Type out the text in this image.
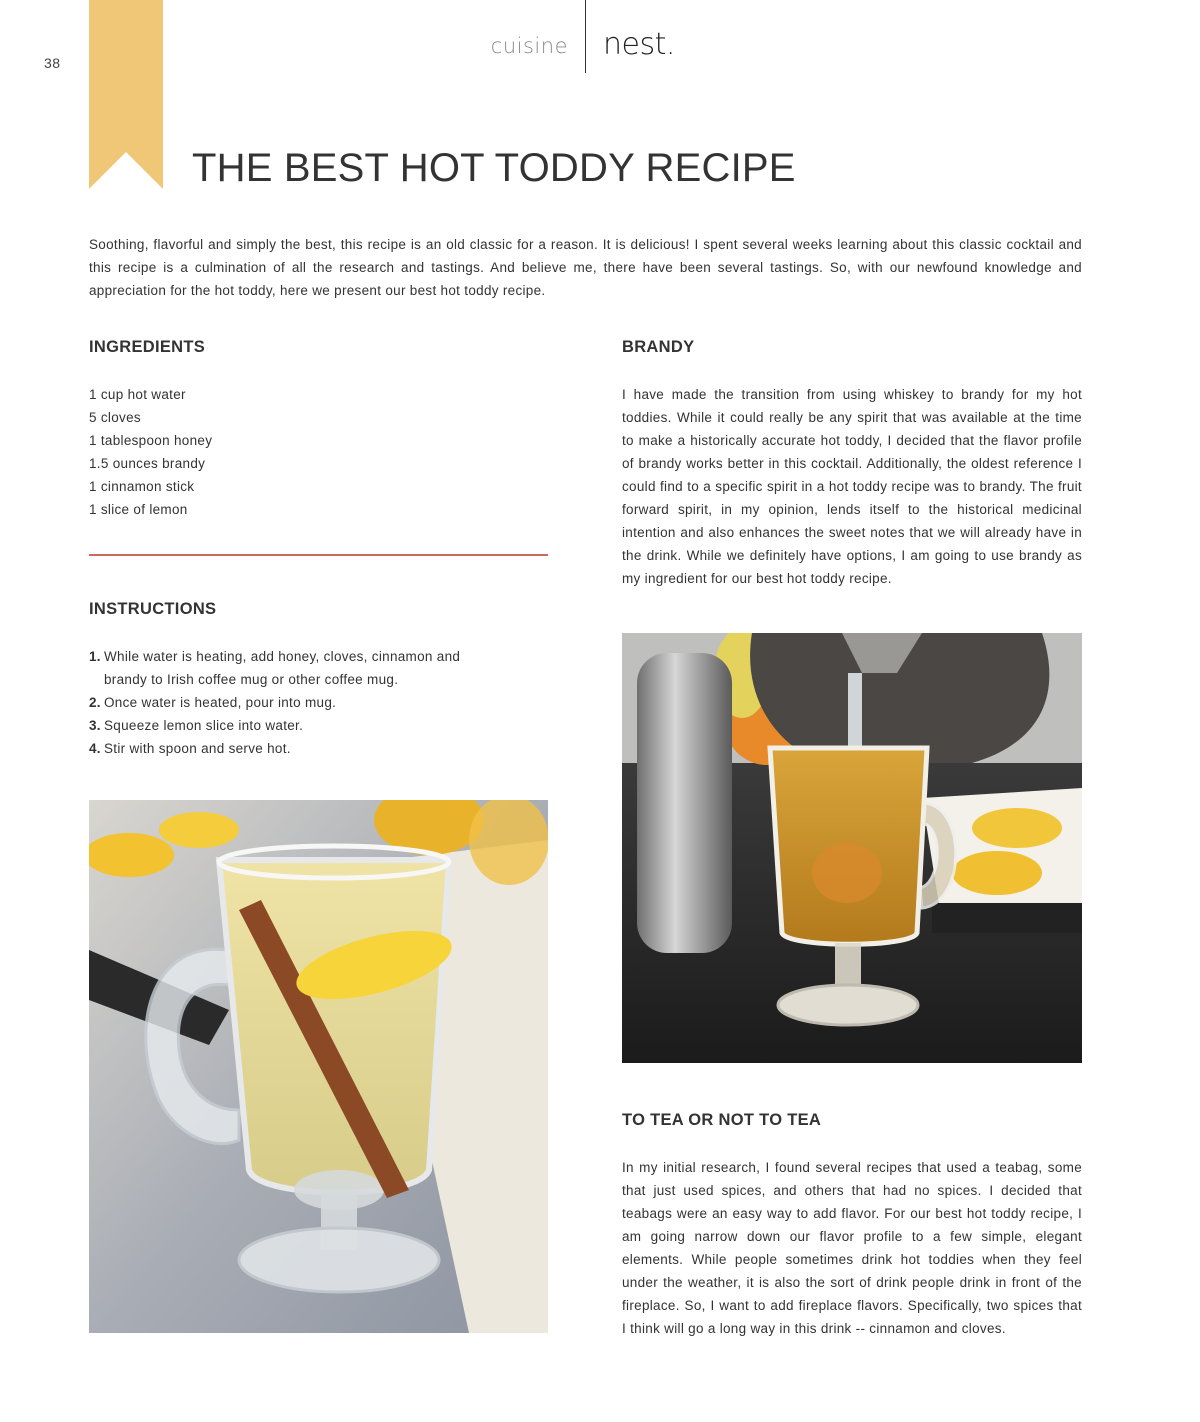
38
cuisine nest.
THE BEST HOT TODDY RECIPE

Soothing, flavorful and simply the best, this recipe is an old classic for a reason. It is delicious! I spent several weeks learning about this classic cocktail and this recipe is a culmination of all the research and tastings. And believe me, there have been several tastings. So, with our newfound knowledge and appreciation for the hot toddy, here we present our best hot toddy recipe.

INGREDIENTS
1 cup hot water
5 cloves
1 tablespoon honey
1.5 ounces brandy
1 cinnamon stick
1 slice of lemon
INSTRUCTIONS
1. While water is heating, add honey, cloves, cinnamon and brandy to Irish coffee mug or other coffee mug.
2. Once water is heated, pour into mug.
3. Squeeze lemon slice into water.
4. Stir with spoon and serve hot.
BRANDY

I have made the transition from using whiskey to brandy for my hot toddies. While it could really be any spirit that was available at the time to make a historically accurate hot toddy, I decided that the flavor profile of brandy works better in this cocktail. Additionally, the oldest reference I could find to a specific spirit in a hot toddy recipe was to brandy. The fruit forward spirit, in my opinion, lends itself to the historical medicinal intention and also enhances the sweet notes that we will already have in the drink. While we definitely have options, I am going to use brandy as my ingredient for our best hot toddy recipe.

TO TEA OR NOT TO TEA

In my initial research, I found several recipes that used a teabag, some that just used spices, and others that had no spices. I decided that teabags were an easy way to add flavor. For our best hot toddy recipe, I am going narrow down our flavor profile to a few simple, elegant elements. While people sometimes drink hot toddies when they feel under the weather, it is also the sort of drink people drink in front of the fireplace. So, I want to add fireplace flavors. Specifically, two spices that I think will go a long way in this drink -- cinnamon and cloves.
